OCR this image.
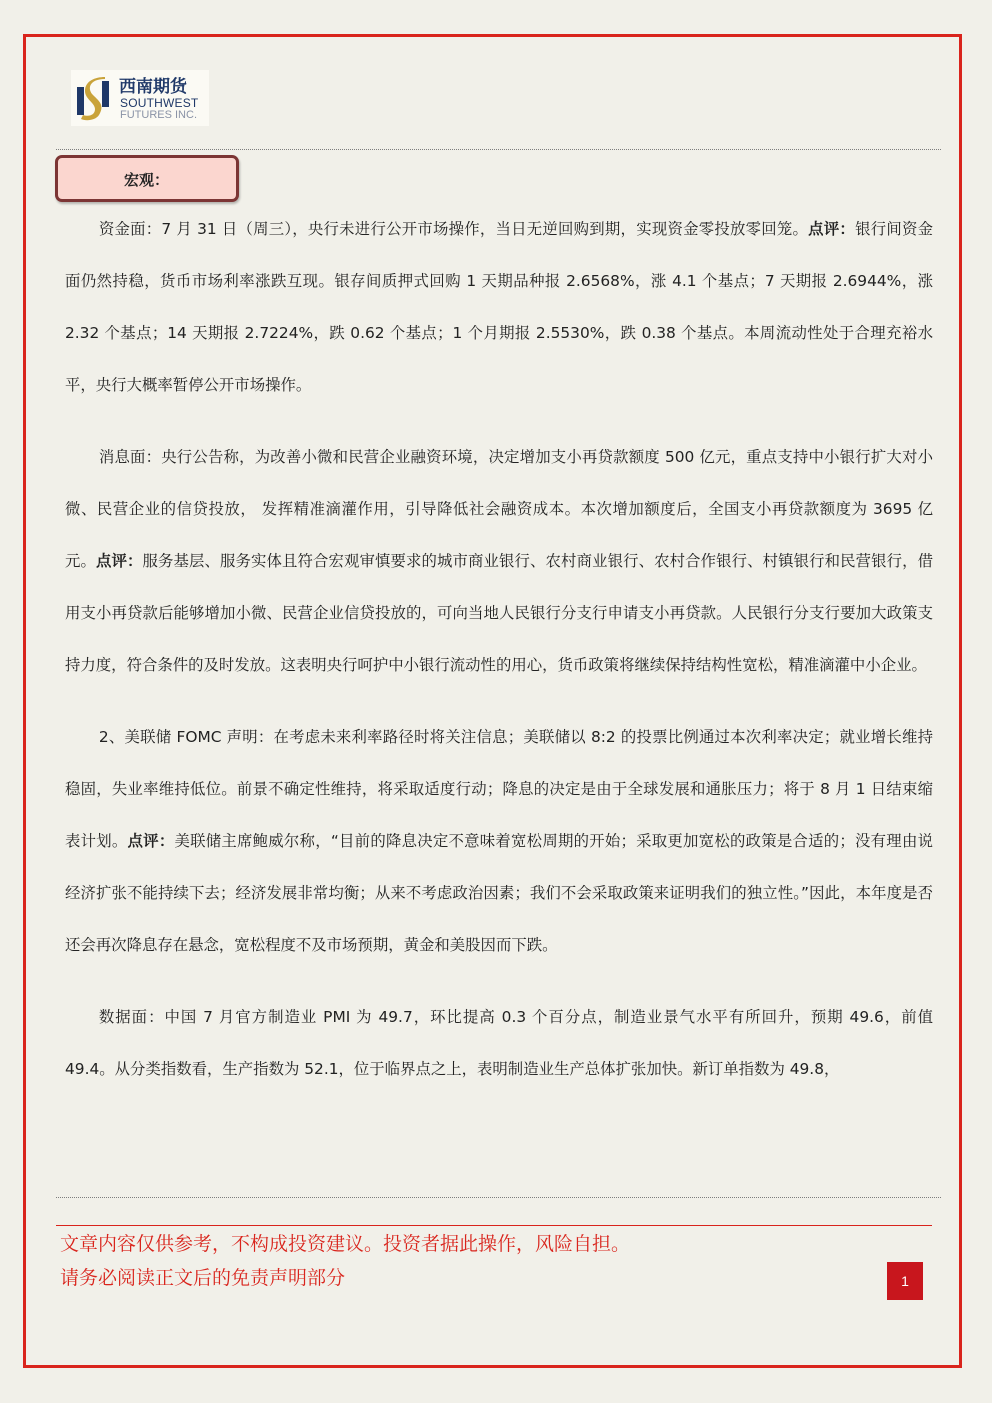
西南期货
SOUTHWEST
FUTURES INC.
宏观：

资金面：7 月 31 日（周三），央行未进行公开市场操作，当日无逆回购到期，实现资金零投放零回笼。点评：银行间资金面仍然持稳，货币市场利率涨跌互现。银存间质押式回购 1 天期品种报 2.6568%，涨 4.1 个基点；7 天期报 2.6944%，涨 2.32 个基点；14 天期报 2.7224%，跌 0.62 个基点；1 个月期报 2.5530%，跌 0.38 个基点。本周流动性处于合理充裕水平，央行大概率暂停公开市场操作。

消息面：央行公告称，为改善小微和民营企业融资环境，决定增加支小再贷款额度 500 亿元，重点支持中小银行扩大对小微、民营企业的信贷投放， 发挥精准滴灌作用，引导降低社会融资成本。本次增加额度后，全国支小再贷款额度为 3695 亿元。点评：服务基层、服务实体且符合宏观审慎要求的城市商业银行、农村商业银行、农村合作银行、村镇银行和民营银行，借用支小再贷款后能够增加小微、民营企业信贷投放的，可向当地人民银行分支行申请支小再贷款。人民银行分支行要加大政策支持力度，符合条件的及时发放。这表明央行呵护中小银行流动性的用心，货币政策将继续保持结构性宽松，精准滴灌中小企业。

2、美联储 FOMC 声明：在考虑未来利率路径时将关注信息；美联储以 8:2 的投票比例通过本次利率决定；就业增长维持稳固，失业率维持低位。前景不确定性维持，将采取适度行动；降息的决定是由于全球发展和通胀压力；将于 8 月 1 日结束缩表计划。点评：美联储主席鲍威尔称，“目前的降息决定不意味着宽松周期的开始；采取更加宽松的政策是合适的；没有理由说经济扩张不能持续下去；经济发展非常均衡；从来不考虑政治因素；我们不会采取政策来证明我们的独立性。”因此，本年度是否还会再次降息存在悬念，宽松程度不及市场预期，黄金和美股因而下跌。

数据面：中国 7 月官方制造业 PMI 为 49.7，环比提高 0.3 个百分点，制造业景气水平有所回升，预期 49.6，前值 49.4。从分类指数看，生产指数为 52.1，位于临界点之上，表明制造业生产总体扩张加快。新订单指数为 49.8，

文章内容仅供参考，不构成投资建议。投资者据此操作，风险自担。
请务必阅读正文后的免责声明部分	1
